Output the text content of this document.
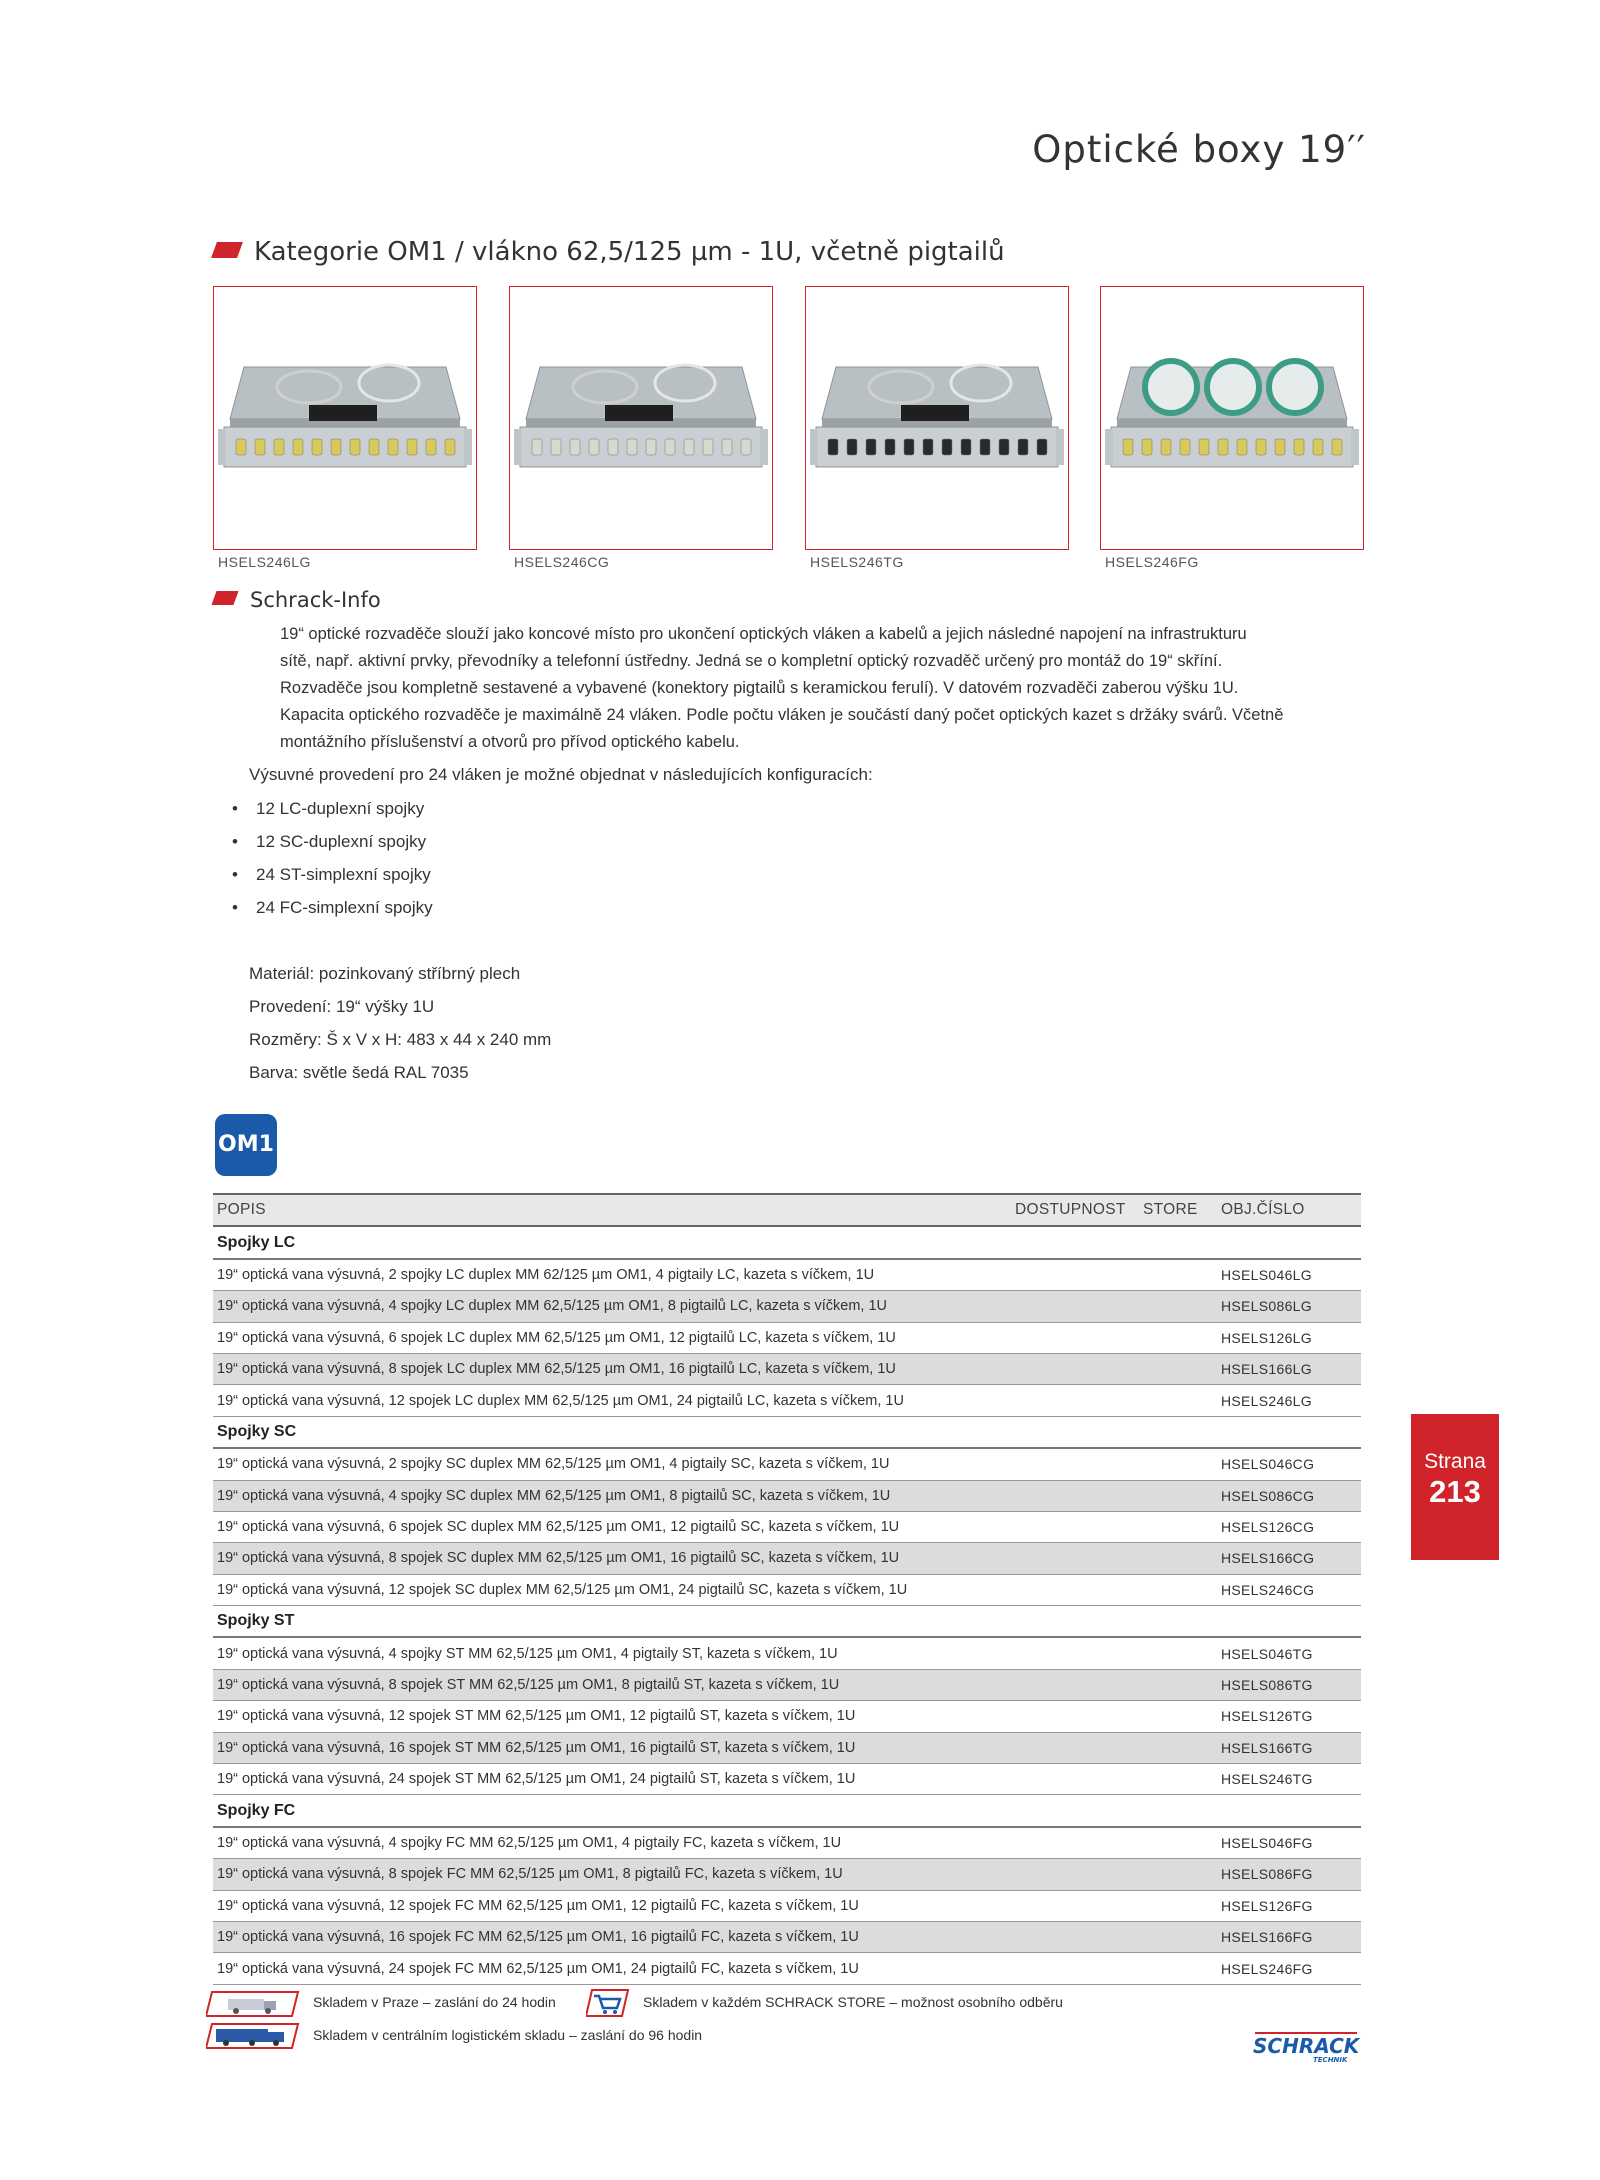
Optické boxy 19′′
Kategorie OM1 / vlákno 62,5/125 µm - 1U, včetně pigtailů
HSELS246LG	HSELS246CG	HSELS246TG	HSELS246FG
Schrack-Info

19“ optické rozvaděče slouží jako koncové místo pro ukončení optických vláken a kabelů a jejich následné napojení na infrastrukturu

sítě, např. aktivní prvky, převodníky a telefonní ústředny. Jedná se o kompletní optický rozvaděč určený pro montáž do 19“ skříní.

Rozvaděče jsou kompletně sestavené a vybavené (konektory pigtailů s keramickou ferulí). V datovém rozvaděči zaberou výšku 1U.

Kapacita optického rozvaděče je maximálně 24 vláken. Podle počtu vláken je součástí daný počet optických kazet s držáky svárů. Včetně

montážního příslušenství a otvorů pro přívod optického kabelu.

Výsuvné provedení pro 24 vláken je možné objednat v následujících konfiguracích:
• 12 LC-duplexní spojky
• 12 SC-duplexní spojky
• 24 ST-simplexní spojky
• 24 FC-simplexní spojky
Materiál: pozinkovaný stříbrný plech
Provedení: 19“ výšky 1U
Rozměry: Š x V x H: 483 x 44 x 240 mm
Barva: světle šedá RAL 7035
OM1
POPIS	DOSTUPNOST	STORE	OBJ.ČÍSLO
Spojky LC			
19“ optická vana výsuvná, 2 spojky LC duplex MM 62/125 µm OM1, 4 pigtaily LC, kazeta s víčkem, 1U			HSELS046LG
19“ optická vana výsuvná, 4 spojky LC duplex MM 62,5/125 µm OM1, 8 pigtailů LC, kazeta s víčkem, 1U			HSELS086LG
19“ optická vana výsuvná, 6 spojek LC duplex MM 62,5/125 µm OM1, 12 pigtailů LC, kazeta s víčkem, 1U			HSELS126LG
19“ optická vana výsuvná, 8 spojek LC duplex MM 62,5/125 µm OM1, 16 pigtailů LC, kazeta s víčkem, 1U			HSELS166LG
19“ optická vana výsuvná, 12 spojek LC duplex MM 62,5/125 µm OM1, 24 pigtailů LC, kazeta s víčkem, 1U			HSELS246LG
Spojky SC			
19“ optická vana výsuvná, 2 spojky SC duplex MM 62,5/125 µm OM1, 4 pigtaily SC, kazeta s víčkem, 1U			HSELS046CG
19“ optická vana výsuvná, 4 spojky SC duplex MM 62,5/125 µm OM1, 8 pigtailů SC, kazeta s víčkem, 1U			HSELS086CG
19“ optická vana výsuvná, 6 spojek SC duplex MM 62,5/125 µm OM1, 12 pigtailů SC, kazeta s víčkem, 1U			HSELS126CG
19“ optická vana výsuvná, 8 spojek SC duplex MM 62,5/125 µm OM1, 16 pigtailů SC, kazeta s víčkem, 1U			HSELS166CG
19“ optická vana výsuvná, 12 spojek SC duplex MM 62,5/125 µm OM1, 24 pigtailů SC, kazeta s víčkem, 1U			HSELS246CG
Spojky ST			
19“ optická vana výsuvná, 4 spojky ST MM 62,5/125 µm OM1, 4 pigtaily ST, kazeta s víčkem, 1U			HSELS046TG
19“ optická vana výsuvná, 8 spojek ST MM 62,5/125 µm OM1, 8 pigtailů ST, kazeta s víčkem, 1U			HSELS086TG
19“ optická vana výsuvná, 12 spojek ST MM 62,5/125 µm OM1, 12 pigtailů ST, kazeta s víčkem, 1U			HSELS126TG
19“ optická vana výsuvná, 16 spojek ST MM 62,5/125 µm OM1, 16 pigtailů ST, kazeta s víčkem, 1U			HSELS166TG
19“ optická vana výsuvná, 24 spojek ST MM 62,5/125 µm OM1, 24 pigtailů ST, kazeta s víčkem, 1U			HSELS246TG
Spojky FC			
19“ optická vana výsuvná, 4 spojky FC MM 62,5/125 µm OM1, 4 pigtaily FC, kazeta s víčkem, 1U			HSELS046FG
19“ optická vana výsuvná, 8 spojek FC MM 62,5/125 µm OM1, 8 pigtailů FC, kazeta s víčkem, 1U			HSELS086FG
19“ optická vana výsuvná, 12 spojek FC MM 62,5/125 µm OM1, 12 pigtailů FC, kazeta s víčkem, 1U			HSELS126FG
19“ optická vana výsuvná, 16 spojek FC MM 62,5/125 µm OM1, 16 pigtailů FC, kazeta s víčkem, 1U			HSELS166FG
19“ optická vana výsuvná, 24 spojek FC MM 62,5/125 µm OM1, 24 pigtailů FC, kazeta s víčkem, 1U			HSELS246FG
Skladem v Praze – zaslání do 24 hodin	Skladem v každém SCHRACK STORE – možnost osobního odběru
Skladem v centrálním logistickém skladu – zaslání do 96 hodin
Strana
213
SCHRACK
TECHNIK
